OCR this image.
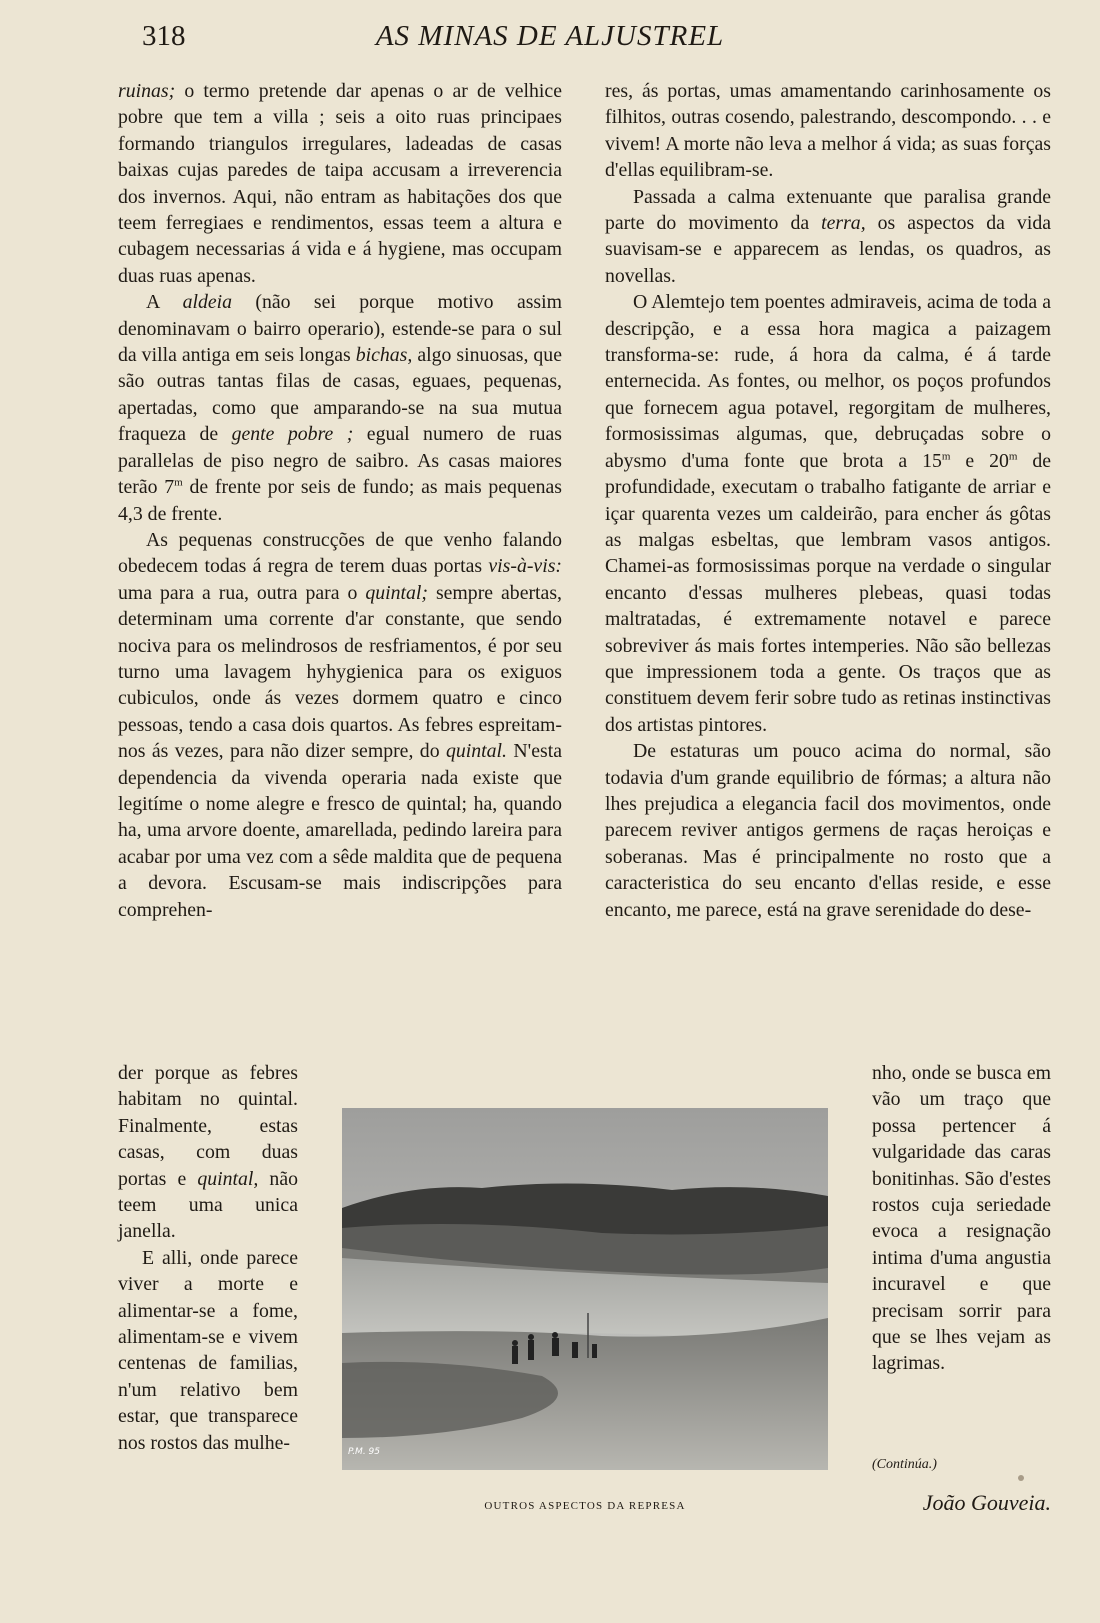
318	AS MINAS DE ALJUSTREL

ruinas; o termo pretende dar apenas o ar de velhice pobre que tem a villa ; seis a oito ruas principaes formando triangulos irregulares, ladeadas de casas baixas cujas paredes de taipa accusam a irreverencia dos invernos. Aqui, não entram as habitações dos que teem ferregiaes e rendimentos, essas teem a altura e cubagem necessarias á vida e á hygiene, mas occupam duas ruas apenas.

A aldeia (não sei porque motivo assim denominavam o bairro operario), estende-se para o sul da villa antiga em seis longas bichas, algo sinuosas, que são outras tantas filas de casas, eguaes, pequenas, apertadas, como que amparando-se na sua mutua fraqueza de gente pobre ; egual numero de ruas parallelas de piso negro de saibro. As casas maiores terão 7$^m$ de frente por seis de fundo; as mais pequenas 4,3 de frente.

As pequenas construcções de que venho falando obedecem todas á regra de terem duas portas vis-à-vis: uma para a rua, outra para o quintal; sempre abertas, determinam uma corrente d'ar constante, que sendo nociva para os melindrosos de resfriamentos, é por seu turno uma lavagem hyhygienica para os exiguos cubiculos, onde ás vezes dormem quatro e cinco pessoas, tendo a casa dois quartos. As febres espreitam-nos ás vezes, para não dizer sempre, do quintal. N'esta dependencia da vivenda operaria nada existe que legitíme o nome alegre e fresco de quintal; ha, quando ha, uma arvore doente, amarellada, pedindo lareira para acabar por uma vez com a sêde maldita que de pequena a devora. Escusam-se mais indiscripções para comprehen-

der porque as febres habitam no quintal. Finalmente, estas casas, com duas portas e quintal, não teem uma unica janella.

E alli, onde parece viver a morte e alimentar-se a fome, alimentam-se e vivem centenas de familias, n'um relativo bem estar, que transparece nos rostos das mulhe-

res, ás portas, umas amamentando carinhosamente os filhitos, outras cosendo, palestrando, descompondo. . . e vivem! A morte não leva a melhor á vida; as suas forças d'ellas equilibram-se.

Passada a calma extenuante que paralisa grande parte do movimento da terra, os aspectos da vida suavisam-se e apparecem as lendas, os quadros, as novellas.

O Alemtejo tem poentes admiraveis, acima de toda a descripção, e a essa hora magica a paizagem transforma-se: rude, á hora da calma, é á tarde enternecida. As fontes, ou melhor, os poços profundos que fornecem agua potavel, regorgitam de mulheres, formosissimas algumas, que, debruçadas sobre o abysmo d'uma fonte que brota a 15$^m$ e 20$^m$ de profundidade, executam o trabalho fatigante de arriar e içar quarenta vezes um caldeirão, para encher ás gôtas as malgas esbeltas, que lembram vasos antigos. Chamei-as formosissimas porque na verdade o singular encanto d'essas mulheres plebeas, quasi todas maltratadas, é extremamente notavel e parece sobreviver ás mais fortes intemperies. Não são bellezas que impressionem toda a gente. Os traços que as constituem devem ferir sobre tudo as retinas instinctivas dos artistas pintores.

De estaturas um pouco acima do normal, são todavia d'um grande equilibrio de fórmas; a altura não lhes prejudica a elegancia facil dos movimentos, onde parecem reviver antigos germens de raças heroiças e soberanas. Mas é principalmente no rosto que a caracteristica do seu encanto d'ellas reside, e esse encanto, me parece, está na grave serenidade do dese-

nho, onde se busca em vão um traço que possa pertencer á vulgaridade das caras bonitinhas. São d'estes rostos cuja seriedade evoca a resignação intima d'uma angustia incuravel e que precisam sorrir para que se lhes vejam as lagrimas.

P.M. 95
OUTROS ASPECTOS DA REPRESA
(Continúa.)
João Gouveia.
